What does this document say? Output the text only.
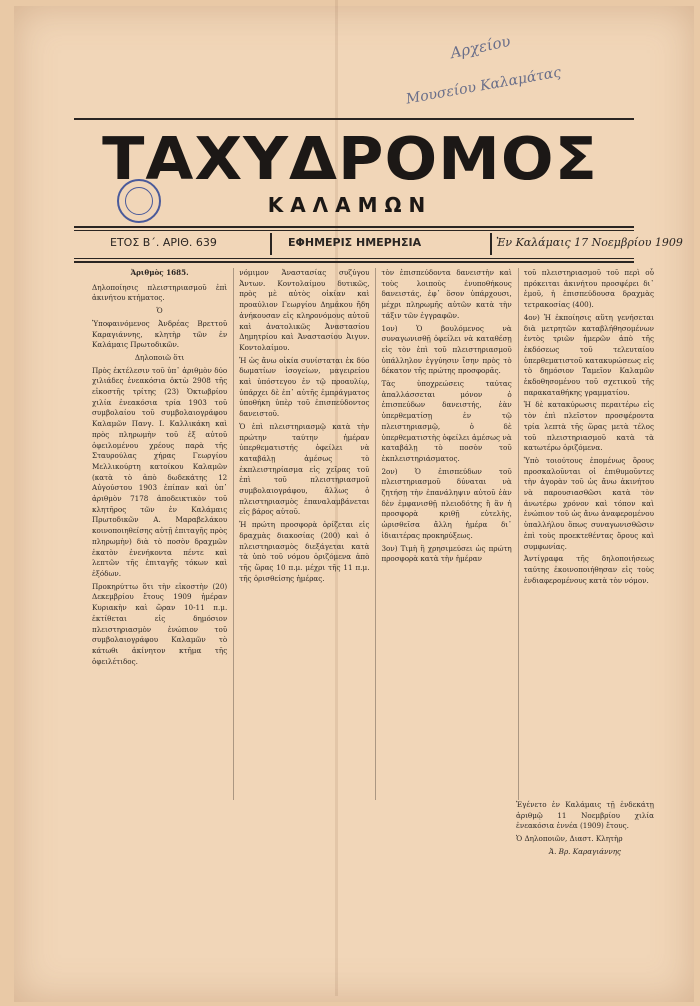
Αρχείου
Μουσείου Καλαμάτας
ΤΑΧΥΔΡΟΜΟΣ
ΚΑΛΑΜΩΝ
ΕΤΟΣ Β΄. ΑΡΙΘ. 639	ΕΦΗΜΕΡΙΣ ΗΜΕΡΗΣΙΑ	Ἐν Καλάμαις 17 Νοεμβρίου 1909

Ἀριθμὸς 1685.

Δηλοποίησις πλειστηριασμοῦ ἐπὶ ἀκινήτου κτήματος.

Ὁ

Ὑποφαινόμενος Ἀνδρέας Βρεττοῦ Καραγιάννης, κλητὴρ τῶν ἐν Καλάμαις Πρωτοδικῶν.

Δηλοποιῶ ὅτι

Πρὸς ἐκτέλεσιν τοῦ ὑπ᾿ ἀριθμὸν δύο χιλιάδες ἐνεακόσια ὀκτὼ 2908 τῆς εἰκοστῆς τρίτης (23) Ὀκτωβρίου χιλία ἐνεακόσια τρία 1903 τοῦ συμβολαίου τοῦ συμβολαιογράφου Καλαμῶν Πανγ. Ι. Καλλικάκη καὶ πρὸς πληρωμὴν τοῦ ἐξ αὐτοῦ ὀφειλομένου χρέους παρὰ τῆς Σταυρούλας χήρας Γεωργίου Μελλικούρτη κατοίκου Καλαμῶν (κατὰ τὸ ἀπὸ δωδεκάτης 12 Αὐγούστου 1903 ἐπίπαν καὶ ὑπ᾿ ἀριθμὸν 7178 ἀποδεικτικὸν τοῦ κλητῆρος τῶν ἐν Καλάμαις Πρωτοδικῶν Α. Μαραβελάκου κοινοποιηθείσης αὐτῇ ἐπιταγῆς πρὸς πληρωμὴν) διὰ τὸ ποσὸν δραχμῶν ἑκατὸν ἐνενήκοντα πέντε καὶ λεπτῶν τῆς ἐπιταγῆς τόκων καὶ ἐξόδων.

Προκηρύττω ὅτι τὴν εἰκοστὴν (20) Δεκεμβρίου ἔτους 1909 ἡμέραν Κυριακὴν καὶ ὥραν 10-11 π.μ. ἐκτίθεται εἰς δημόσιον πλειστηριασμὸν ἐνώπιον τοῦ συμβολαιογράφου Καλαμῶν τὸ κάτωθι ἀκίνητον κτῆμα τῆς ὀφειλέτιδος.

νόμιμον Ἀναστασίας συζύγου Ἀντων. Κοντολαίμου δυτικῶς, πρὸς μὲ αὐτὸς οἰκίαν καὶ προαύλιον Γεωργίου Δημάκου ἤδη ἀνήκουσαν εἰς κληρονόμους αὐτοῦ καὶ ἀνατολικῶς Ἀναστασίου Δημητρίου καὶ Ἀναστασίου Ἀιγυν. Κοντολαίμου.

Ἡ ὡς ἄνω οἰκία συνίσταται ἐκ δύο δωματίων ἰσογείων, μαγειρείου καὶ ὑπόστεγου ἐν τῷ προαυλίῳ, ὑπάρχει δὲ ἐπ᾿ αὐτῆς ἐμπράγματος ὑποθήκη ὑπὲρ τοῦ ἐπισπεύδοντος δανειστοῦ.

Ὁ ἐπὶ πλειστηριασμῷ κατὰ τὴν πρώτην ταύτην ἡμέραν ὑπερθεματιστής ὀφείλει νὰ καταβάλῃ ἀμέσως τὸ ἐκπλειστηρίασμα εἰς χεῖρας τοῦ ἐπὶ τοῦ πλειστηριασμοῦ συμβολαιογράφου, ἄλλως ὁ πλειστηριασμὸς ἐπαναλαμβάνεται εἰς βάρος αὐτοῦ.

Ἡ πρώτη προσφορὰ ὁρίζεται εἰς δραχμὰς διακοσίας (200) καὶ ὁ πλειστηριασμὸς διεξάγεται κατὰ τὰ ὑπὸ τοῦ νόμου ὁριζόμενα ἀπὸ τῆς ὥρας 10 π.μ. μέχρι τῆς 11 π.μ. τῆς ὁρισθείσης ἡμέρας.

τὸν ἐπισπεύδοντα δανειστὴν καὶ τοὺς λοιποὺς ἐνυποθήκους δανειστάς, ἐφ᾿ ὅσον ὑπάρχουσι, μέχρι πληρωμῆς αὐτῶν κατὰ τὴν τάξιν τῶν ἐγγραφῶν.

1ον) Ὁ βουλόμενος νὰ συναγωνισθῇ ὀφείλει νὰ καταθέσῃ εἰς τὸν ἐπὶ τοῦ πλειστηριασμοῦ ὑπάλληλον ἐγγύησιν ἴσην πρὸς τὸ δέκατον τῆς πρώτης προσφορᾶς.

Τὰς ὑποχρεώσεις ταύτας ἀπαλλάσσεται μόνον ὁ ἐπισπεύδων δανειστής, ἐὰν ὑπερθεματίσῃ ἐν τῷ πλειστηριασμῷ, ὁ δὲ ὑπερθεματιστὴς ὁφείλει ἀμέσως νὰ καταβάλῃ τὸ ποσὸν τοῦ ἐκπλειστηριάσματος.

2ον) Ὁ ἐπισπεύδων τοῦ πλειστηριασμοῦ δύναται νὰ ζητήσῃ τὴν ἐπανάληψιν αὐτοῦ ἐὰν δὲν ἐμφανισθῇ πλειοδότης ἢ ἂν ἡ προσφορὰ κριθῇ εὐτελὴς, ὡρισθεῖσα ἄλλη ἡμέρα δι᾿ ἰδιαιτέρας προκηρύξεως.

3ον) Τιμὴ ἣ χρησιμεύσει ὡς πρώτη προσφορὰ κατὰ τὴν ἡμέραν

τοῦ πλειστηριασμοῦ τοῦ περὶ οὗ πρόκειται ἀκινήτου προσφέρει δι᾿ ἐμοῦ, ἡ ἐπισπεύδουσα δραχμὰς τετρακοσίας (400).

4ον) Ἡ ἐκποίησις αὕτη γενήσεται διὰ μετρητῶν καταβλήθησομένων ἐντὸς τριῶν ἡμερῶν ἀπὸ τῆς ἐκδόσεως τοῦ τελευταίου ὑπερθεματιστοῦ κατακυρώσεως εἰς τὸ δημόσιον Ταμεῖον Καλαμῶν ἐκδοθησομένου τοῦ σχετικοῦ τῆς παρακαταθήκης γραμματίου.

Ἡ δὲ κατακύρωσις περαιτέρω εἰς τὸν ἐπὶ πλεῖστον προσφέροντα τρία λεπτὰ τῆς ὥρας μετὰ τέλος τοῦ πλειστηριασμοῦ κατὰ τὰ κατωτέρω ὁριζόμενα.

Ὑπὸ τοιούτους ἐπομένως ὅρους προσκαλοῦνται οἱ ἐπιθυμοῦντες τὴν ἀγορὰν τοῦ ὡς ἄνω ἀκινήτου νὰ παρουσιασθῶσι κατὰ τὸν ἀνωτέρω χρόνον καὶ τόπον καὶ ἐνώπιον τοῦ ὡς ἄνω ἀναφερομένου ὑπαλλήλου ὅπως συναγωνισθῶσιν ἐπὶ τοὺς προεκτεθέντας ὅρους καὶ συμφωνίας.

Ἀντίγραφα τῆς δηλοποιήσεως ταύτης ἐκοινοποιήθησαν εἰς τοὺς ἐνδιαφερομένους κατὰ τὸν νόμον.

Ἐγένετο ἐν Καλάμαις τῇ ἑνδεκάτῃ ἀριθμῷ 11 Νοεμβρίου χιλία ἐνεακόσια ἐννέα (1909) ἔτους.

Ὁ Δηλοποιῶν, Διαστ. Κλητὴρ

Ἀ. Βρ. Καραγιάννης
